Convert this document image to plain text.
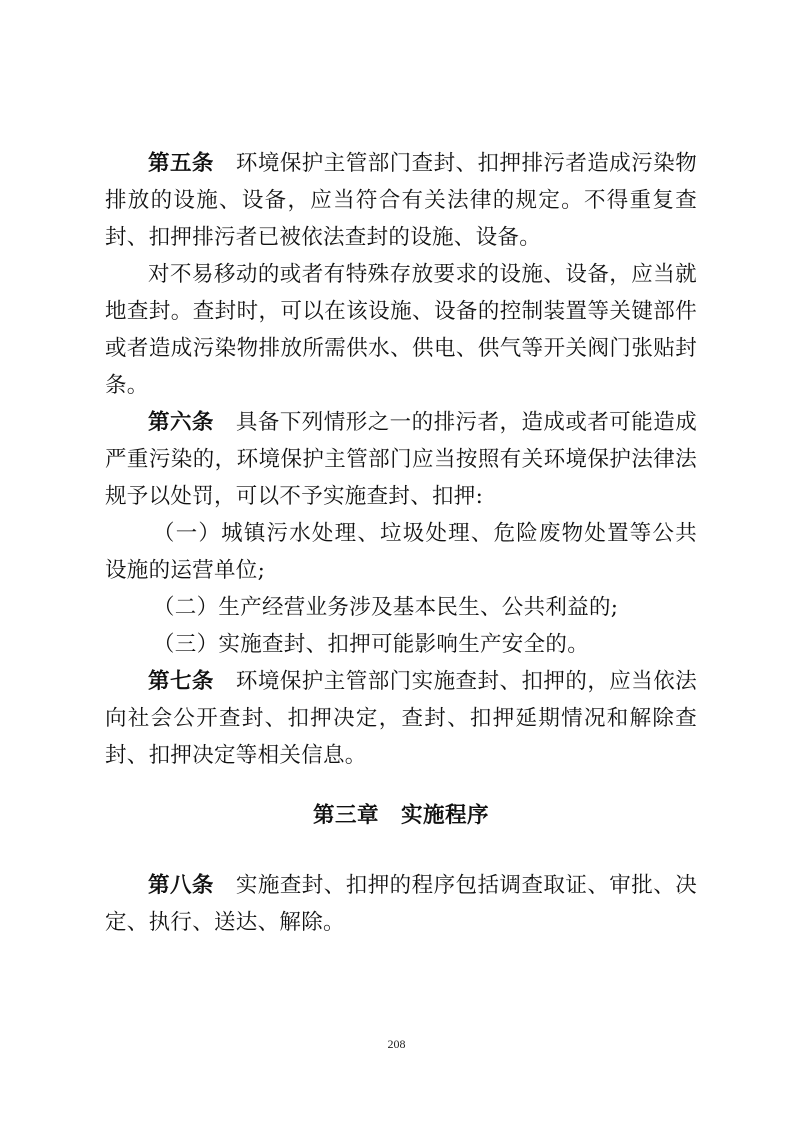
第五条 环境保护主管部门查封、扣押排污者造成污染物排放的设施、设备，应当符合有关法律的规定。不得重复查封、扣押排污者已被依法查封的设施、设备。

对不易移动的或者有特殊存放要求的设施、设备，应当就地查封。查封时，可以在该设施、设备的控制装置等关键部件或者造成污染物排放所需供水、供电、供气等开关阀门张贴封条。

第六条 具备下列情形之一的排污者，造成或者可能造成严重污染的，环境保护主管部门应当按照有关环境保护法律法规予以处罚，可以不予实施查封、扣押:

（一）城镇污水处理、垃圾处理、危险废物处置等公共设施的运营单位;

（二）生产经营业务涉及基本民生、公共利益的;

（三）实施查封、扣押可能影响生产安全的。

第七条 环境保护主管部门实施查封、扣押的，应当依法向社会公开查封、扣押决定，查封、扣押延期情况和解除查封、扣押决定等相关信息。

第三章 实施程序

第八条 实施查封、扣押的程序包括调查取证、审批、决定、执行、送达、解除。

208
